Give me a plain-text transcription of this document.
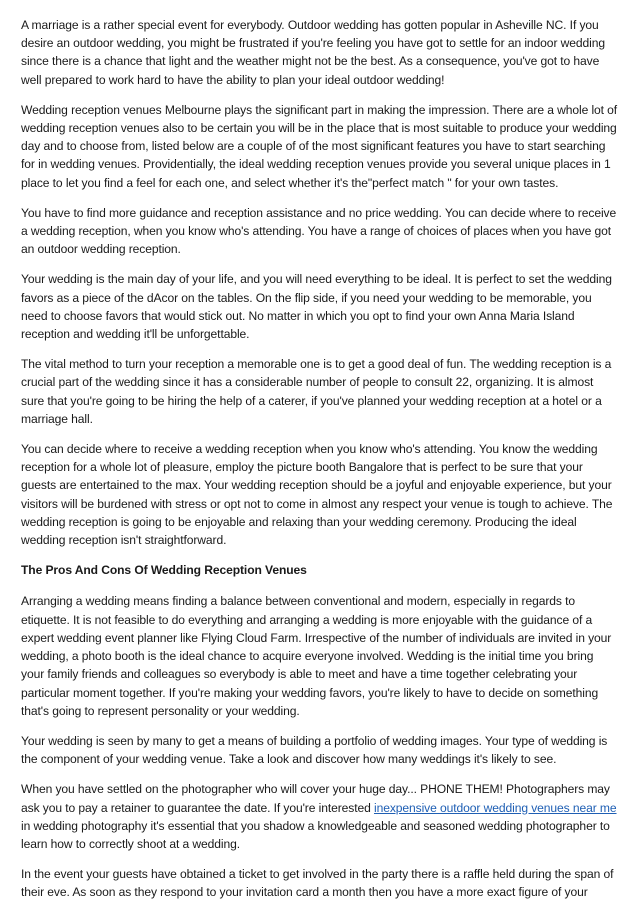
A marriage is a rather special event for everybody. Outdoor wedding has gotten popular in Asheville NC. If you desire an outdoor wedding, you might be frustrated if you're feeling you have got to settle for an indoor wedding since there is a chance that light and the weather might not be the best. As a consequence, you've got to have well prepared to work hard to have the ability to plan your ideal outdoor wedding!

Wedding reception venues Melbourne plays the significant part in making the impression. There are a whole lot of wedding reception venues also to be certain you will be in the place that is most suitable to produce your wedding day and to choose from, listed below are a couple of of the most significant features you have to start searching for in wedding venues. Providentially, the ideal wedding reception venues provide you several unique places in 1 place to let you find a feel for each one, and select whether it's the"perfect match " for your own tastes.

You have to find more guidance and reception assistance and no price wedding. You can decide where to receive a wedding reception, when you know who's attending. You have a range of choices of places when you have got an outdoor wedding reception.

Your wedding is the main day of your life, and you will need everything to be ideal. It is perfect to set the wedding favors as a piece of the dAcor on the tables. On the flip side, if you need your wedding to be memorable, you need to choose favors that would stick out. No matter in which you opt to find your own Anna Maria Island reception and wedding it'll be unforgettable.

The vital method to turn your reception a memorable one is to get a good deal of fun. The wedding reception is a crucial part of the wedding since it has a considerable number of people to consult 22, organizing. It is almost sure that you're going to be hiring the help of a caterer, if you've planned your wedding reception at a hotel or a marriage hall.

You can decide where to receive a wedding reception when you know who's attending. You know the wedding reception for a whole lot of pleasure, employ the picture booth Bangalore that is perfect to be sure that your guests are entertained to the max. Your wedding reception should be a joyful and enjoyable experience, but your visitors will be burdened with stress or opt not to come in almost any respect your venue is tough to achieve. The wedding reception is going to be enjoyable and relaxing than your wedding ceremony. Producing the ideal wedding reception isn't straightforward.

The Pros And Cons Of Wedding Reception Venues

Arranging a wedding means finding a balance between conventional and modern, especially in regards to etiquette. It is not feasible to do everything and arranging a wedding is more enjoyable with the guidance of a expert wedding event planner like Flying Cloud Farm. Irrespective of the number of individuals are invited in your wedding, a photo booth is the ideal chance to acquire everyone involved. Wedding is the initial time you bring your family friends and colleagues so everybody is able to meet and have a time together celebrating your particular moment together. If you're making your wedding favors, you're likely to have to decide on something that's going to represent personality or your wedding.

Your wedding is seen by many to get a means of building a portfolio of wedding images. Your type of wedding is the component of your wedding venue. Take a look and discover how many weddings it's likely to see.

When you have settled on the photographer who will cover your huge day... PHONE THEM! Photographers may ask you to pay a retainer to guarantee the date. If you're interested inexpensive outdoor wedding venues near me in wedding photography it's essential that you shadow a knowledgeable and seasoned wedding photographer to learn how to correctly shoot at a wedding.

In the event your guests have obtained a ticket to get involved in the party there is a raffle held during the span of their eve. As soon as they respond to your invitation card a month then you have a more exact figure of your
